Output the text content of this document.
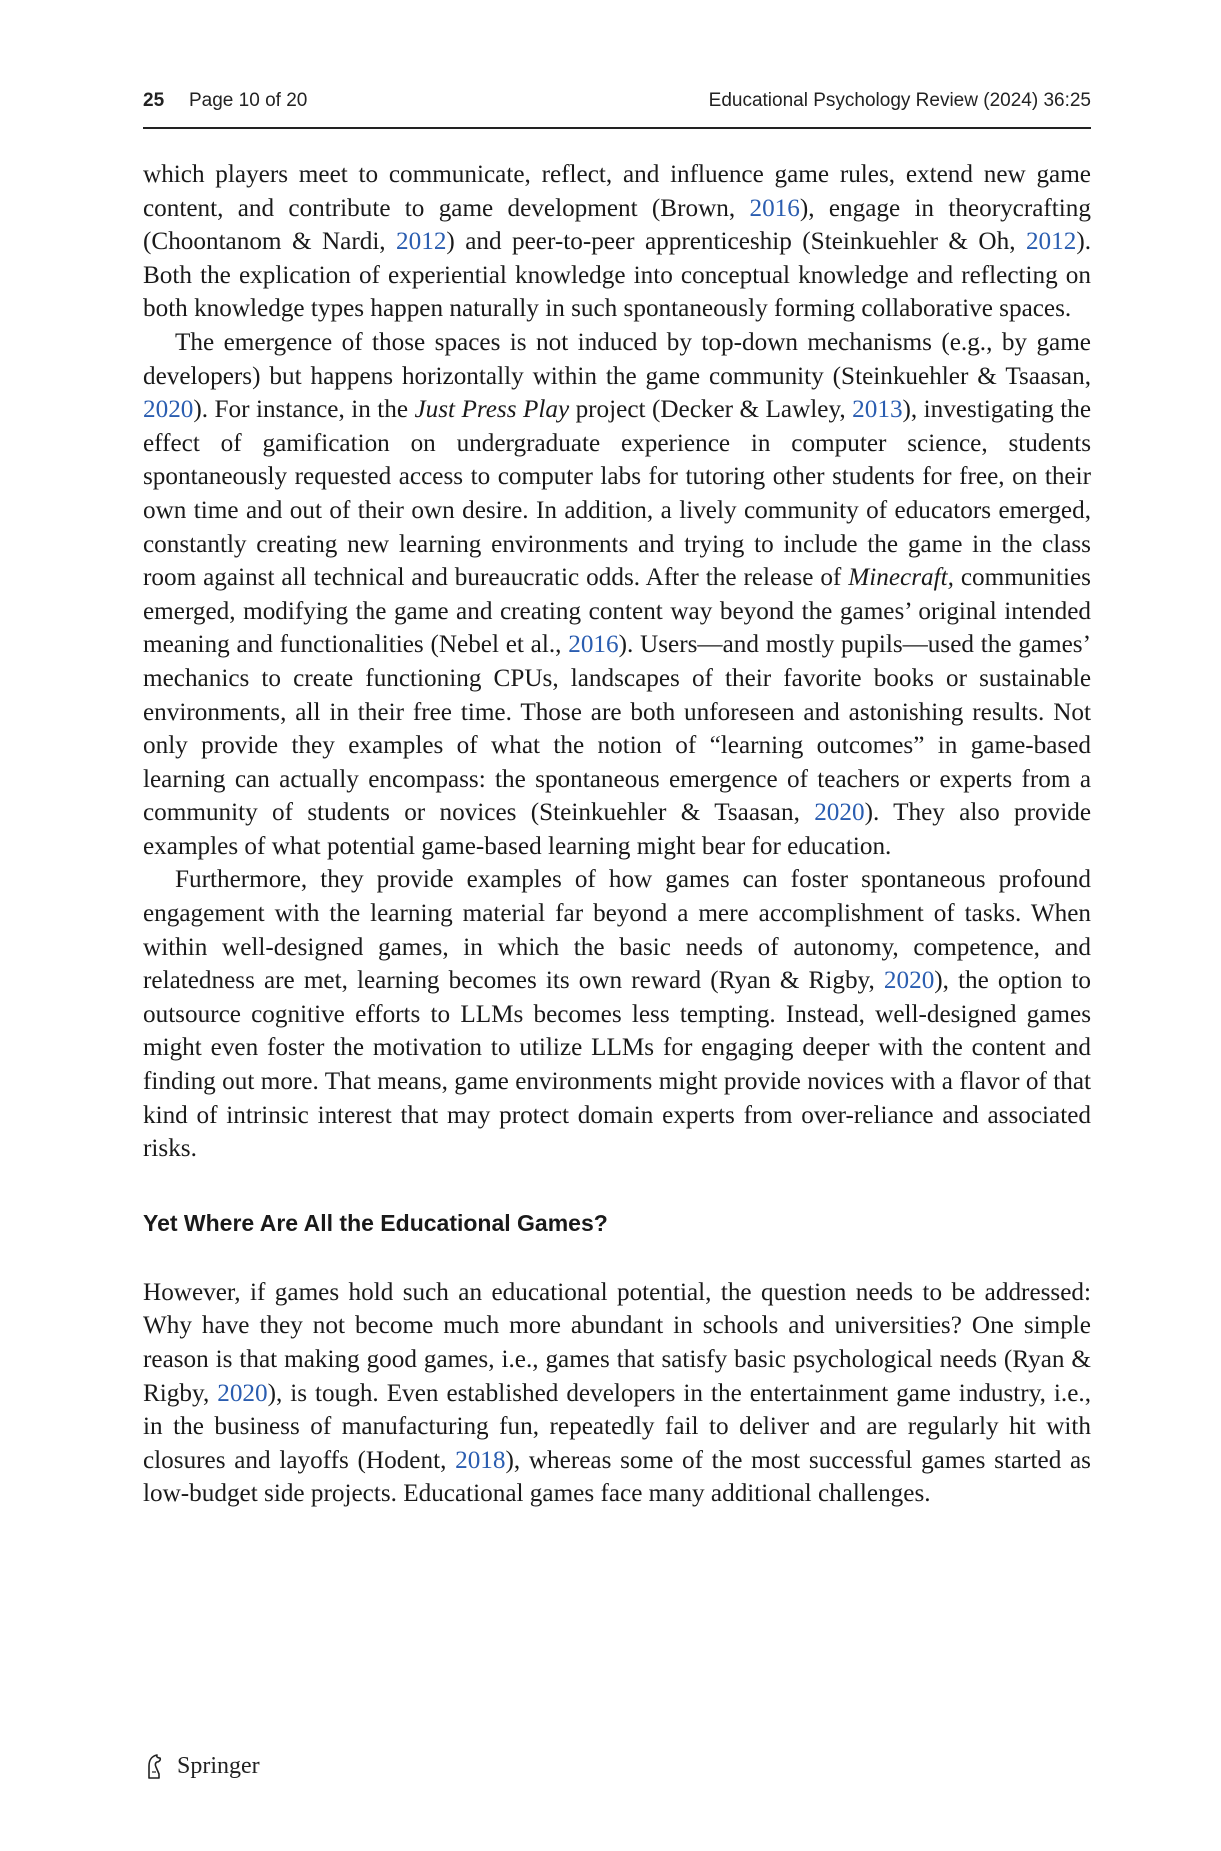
25 Page 10 of 20	Educational Psychology Review (2024) 36:25

which players meet to communicate, reflect, and influence game rules, extend new game content, and contribute to game development (Brown, 2016), engage in theorycrafting (Choontanom & Nardi, 2012) and peer-to-peer apprenticeship (Steinkuehler & Oh, 2012). Both the explication of experiential knowledge into conceptual knowledge and reflecting on both knowledge types happen naturally in such spontaneously forming collaborative spaces.

The emergence of those spaces is not induced by top-down mechanisms (e.g., by game developers) but happens horizontally within the game community (Steinkuehler & Tsaasan, 2020). For instance, in the Just Press Play project (Decker & Lawley, 2013), investigating the effect of gamification on undergraduate experience in computer science, students spontaneously requested access to computer labs for tutoring other students for free, on their own time and out of their own desire. In addition, a lively community of educators emerged, constantly creating new learning environments and trying to include the game in the class room against all technical and bureaucratic odds. After the release of Minecraft, communities emerged, modifying the game and creating content way beyond the games’ original intended meaning and functionalities (Nebel et al., 2016). Users—and mostly pupils—used the games’ mechanics to create functioning CPUs, landscapes of their favorite books or sustainable environments, all in their free time. Those are both unforeseen and astonishing results. Not only provide they examples of what the notion of “learning outcomes” in game-based learning can actually encompass: the spontaneous emergence of teachers or experts from a community of students or novices (Steinkuehler & Tsaasan, 2020). They also provide examples of what potential game-based learning might bear for education.

Furthermore, they provide examples of how games can foster spontaneous profound engagement with the learning material far beyond a mere accomplishment of tasks. When within well-designed games, in which the basic needs of autonomy, competence, and relatedness are met, learning becomes its own reward (Ryan & Rigby, 2020), the option to outsource cognitive efforts to LLMs becomes less tempting. Instead, well-designed games might even foster the motivation to utilize LLMs for engaging deeper with the content and finding out more. That means, game environments might provide novices with a flavor of that kind of intrinsic interest that may protect domain experts from over-reliance and associated risks.

Yet Where Are All the Educational Games?

However, if games hold such an educational potential, the question needs to be addressed: Why have they not become much more abundant in schools and universities? One simple reason is that making good games, i.e., games that satisfy basic psychological needs (Ryan & Rigby, 2020), is tough. Even established developers in the entertainment game industry, i.e., in the business of manufacturing fun, repeatedly fail to deliver and are regularly hit with closures and layoffs (Hodent, 2018), whereas some of the most successful games started as low-budget side projects. Educational games face many additional challenges.

Springer
